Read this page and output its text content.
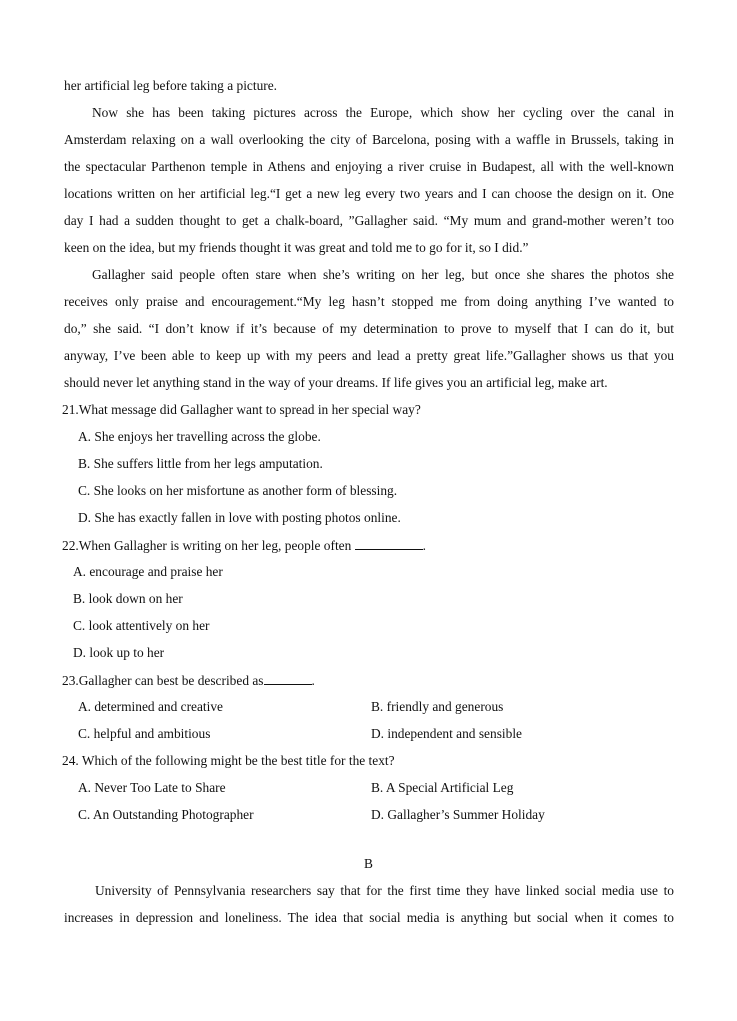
her artificial leg before taking a picture.
Now she has been taking pictures across the Europe, which show her cycling over the canal in
Amsterdam relaxing on a wall overlooking the city of Barcelona, posing with a waffle in Brussels, taking in
the spectacular Parthenon temple in Athens and enjoying a river cruise in Budapest, all with the well-known
locations written on her artificial leg.“I get a new leg every two years and I can choose the design on it. One
day I had a sudden thought to get a chalk-board, ”Gallagher said. “My mum and grand-mother weren’t too
keen on the idea, but my friends thought it was great and told me to go for it, so I did.”
Gallagher said people often stare when she’s writing on her leg, but once she shares the photos she
receives only praise and encouragement.“My leg hasn’t stopped me from doing anything I’ve wanted to
do,” she said. “I don’t know if it’s because of my determination to prove to myself that I can do it, but
anyway, I’ve been able to keep up with my peers and lead a pretty great life.”Gallagher shows us that you
should never let anything stand in the way of your dreams. If life gives you an artificial leg, make art.
21.What message did Gallagher want to spread in her special way?
A. She enjoys her travelling across the globe.
B. She suffers little from her legs amputation.
C. She looks on her misfortune as another form of blessing.
D. She has exactly fallen in love with posting photos online.
22.When Gallagher is writing on her leg, people often	.
A. encourage and praise her
B. look down on her
C. look attentively on her
D. look up to her
23.Gallagher can best be described as	.
A. determined and creative	B. friendly and generous
C. helpful and ambitious	D. independent and sensible
24. Which of the following might be the best title for the text?
A. Never Too Late to Share	B. A Special Artificial Leg
C. An Outstanding Photographer	D. Gallagher’s Summer Holiday
B
University of Pennsylvania researchers say that for the first time they have linked social media use to
increases in depression and loneliness. The idea that social media is anything but social when it comes to
